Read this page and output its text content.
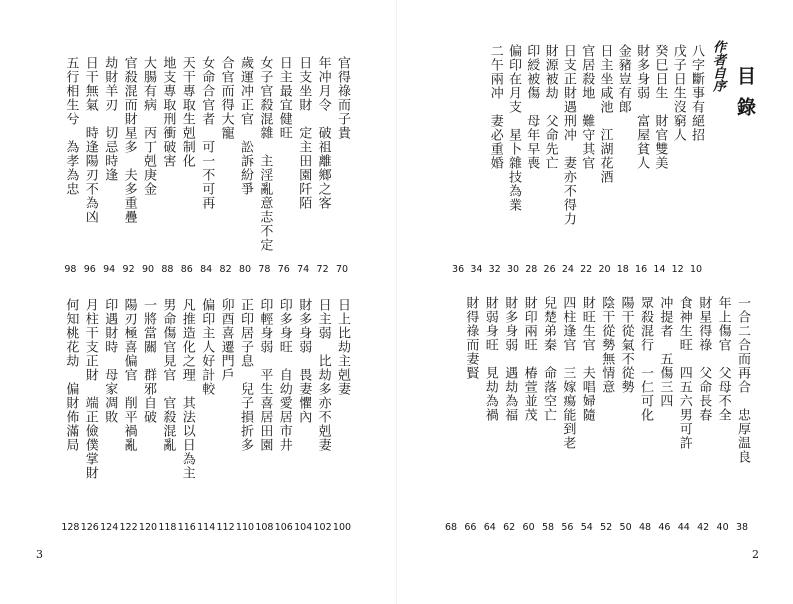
目錄
作者自序
八字斷事有絕招
10
戊子日生沒窮人
12
癸巳日生　財官雙美
14
財多身弱　富屋貧人
16
金豬豈有郎
18
日主坐咸池　江湖花酒
20
官居殺地　難守其官
22
日支正財遇刑冲　妻亦不得力
24
財源被劫　父命先亡
26
印綬被傷　母年早喪
28
偏印在月支　星卜雜技為業
30
二午兩冲　妻必重婚
32
34
36
一合二合而再合　忠厚温良
38
年上傷官　父母不全
40
財星得祿　父命長春
42
食神生旺　四五六男可許
44
冲提者　五傷三四
46
眾殺混行　一仁可化
48
陽干從氣不從勢
50
陰干從勢無情意
52
財旺生官　夫唱婦隨
54
四柱逢官　三嫁瘍能到老
56
兒楚弟秦　命落空亡
58
財印兩旺　椿萱並茂
60
財多身弱　遇劫為福
62
財弱身旺　見劫為禍
64
財得祿而妻賢
66
68
官得祿而子貴
70
年冲月令　破祖離鄉之客
72
日支坐財　定主田園阡陌
74
日主最宜健旺
76
女子官殺混雜　主淫亂意志不定
78
歲運冲正官　訟訴紛爭
80
合官而得大寵
82
女命合官者　可一不可再
84
天干專取生剋制化
86
地支專取刑衝破害
88
大腸有病　丙丁剋庚金
90
官殺混而財星多　夫多重疊
92
劫財羊刃　切忌時逢
94
日干無氣　時逢陽刃不為凶
96
五行相生兮　為孝為忠
98
日上比劫主剋妻
100
日主弱　比劫多亦不剋妻
102
財多身弱　畏妻懼內
104
印多身旺　自幼愛居市井
106
印輕身弱　平生喜居田園
108
正印居子息　兒子損折多
110
卯酉喜遷門戶
112
偏印主人好計較
114
凡推造化之理　其法以日為主
116
男命傷官見官　官殺混亂
118
一將當關　群邪自破
120
陽刃極喜偏官　削平禍亂
122
印遇財時　母家凋敗
124
月柱干支正財　端正儉僕掌財
126
何知桃花劫　偏財佈滿局
128
3	2
